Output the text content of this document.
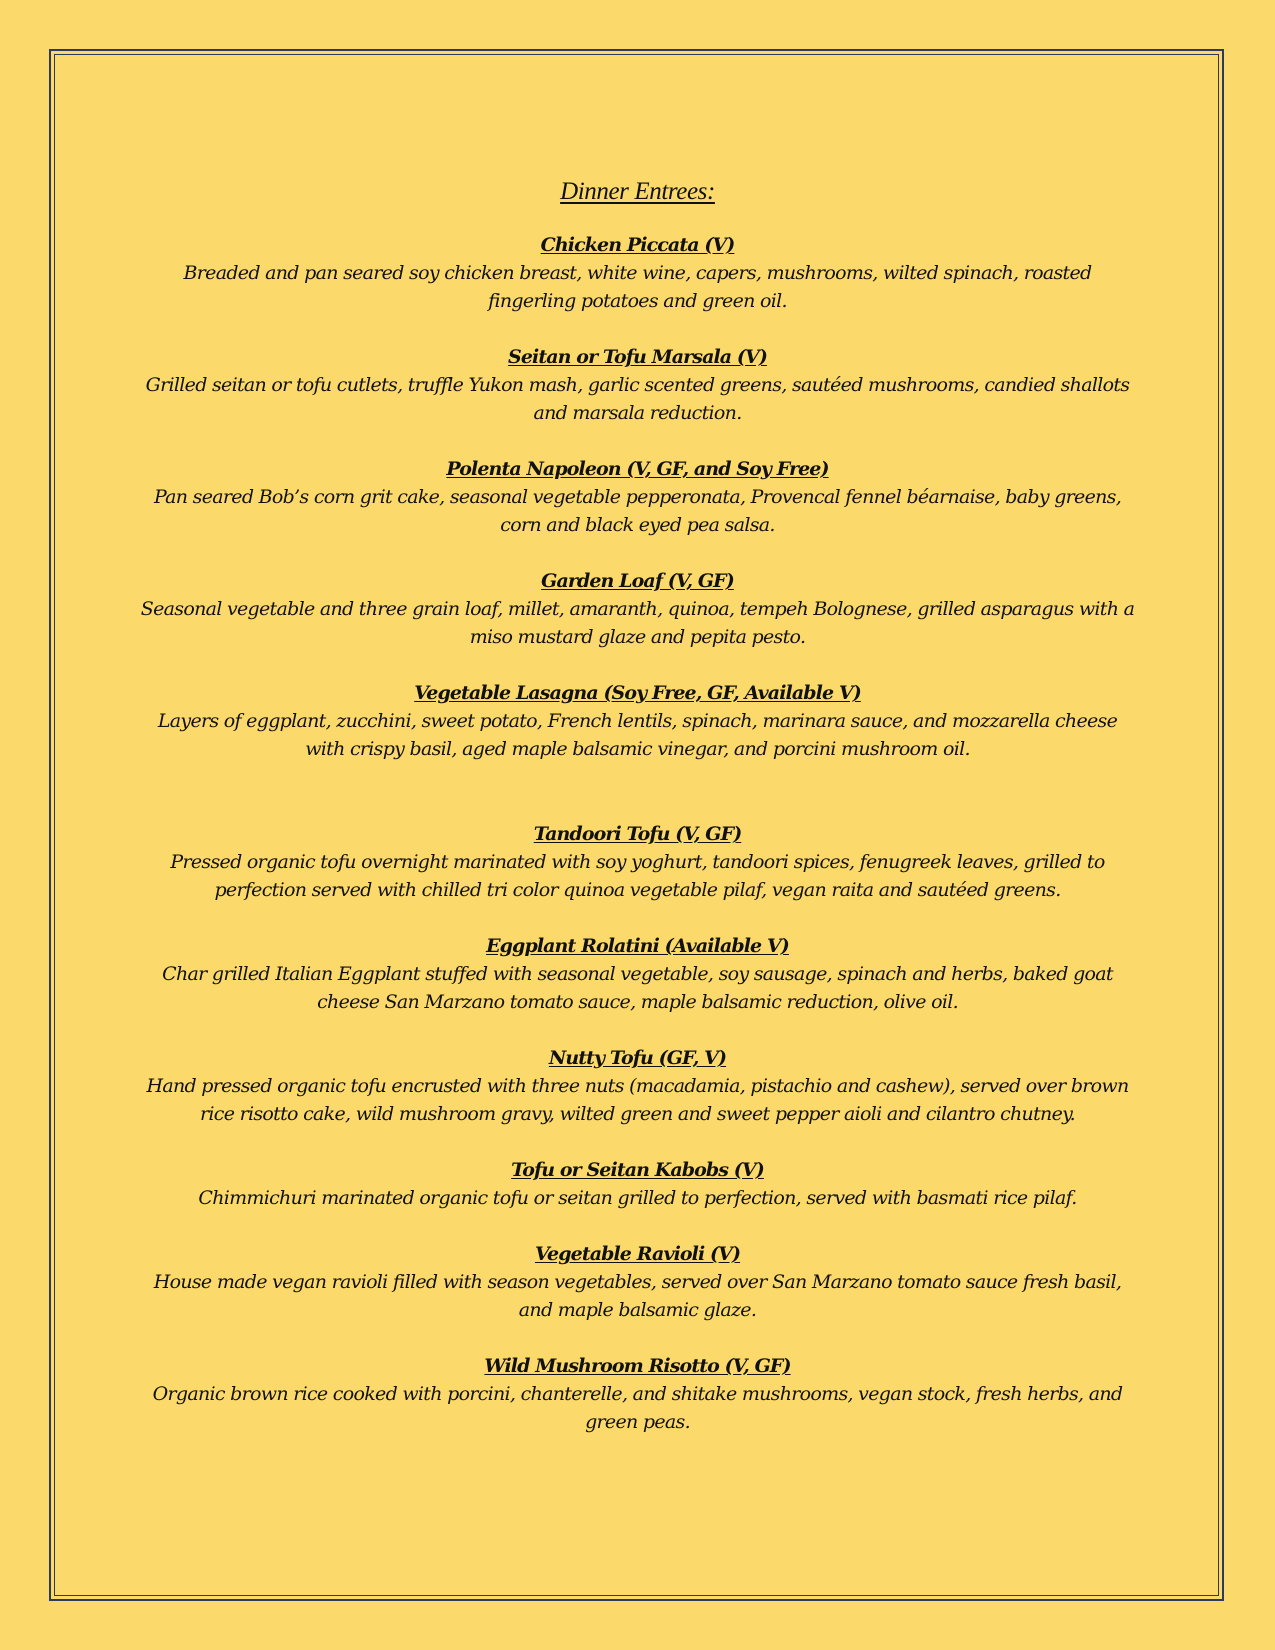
Dinner Entrees:
Chicken Piccata (V)
Breaded and pan seared soy chicken breast, white wine, capers, mushrooms, wilted spinach, roasted fingerling potatoes and green oil.
Seitan or Tofu Marsala (V)
Grilled seitan or tofu cutlets, truffle Yukon mash, garlic scented greens, sautéed mushrooms, candied shallots and marsala reduction.
Polenta Napoleon (V, GF, and Soy Free)
Pan seared Bob’s corn grit cake, seasonal vegetable pepperonata, Provencal fennel béarnaise, baby greens, corn and black eyed pea salsa.
Garden Loaf (V, GF)
Seasonal vegetable and three grain loaf, millet, amaranth, quinoa, tempeh Bolognese, grilled asparagus with a miso mustard glaze and pepita pesto.
Vegetable Lasagna (Soy Free, GF, Available V)
Layers of eggplant, zucchini, sweet potato, French lentils, spinach, marinara sauce, and mozzarella cheese with crispy basil, aged maple balsamic vinegar, and porcini mushroom oil.
Tandoori Tofu (V, GF)
Pressed organic tofu overnight marinated with soy yoghurt, tandoori spices, fenugreek leaves, grilled to perfection served with chilled tri color quinoa vegetable pilaf, vegan raita and sautéed greens.
Eggplant Rolatini (Available V)
Char grilled Italian Eggplant stuffed with seasonal vegetable, soy sausage, spinach and herbs, baked goat cheese San Marzano tomato sauce, maple balsamic reduction, olive oil.
Nutty Tofu (GF, V)
Hand pressed organic tofu encrusted with three nuts (macadamia, pistachio and cashew), served over brown rice risotto cake, wild mushroom gravy, wilted green and sweet pepper aioli and cilantro chutney.
Tofu or Seitan Kabobs (V)
Chimmichuri marinated organic tofu or seitan grilled to perfection, served with basmati rice pilaf.
Vegetable Ravioli (V)
House made vegan ravioli filled with season vegetables, served over San Marzano tomato sauce fresh basil, and maple balsamic glaze.
Wild Mushroom Risotto (V, GF)
Organic brown rice cooked with porcini, chanterelle, and shitake mushrooms, vegan stock, fresh herbs, and green peas.
